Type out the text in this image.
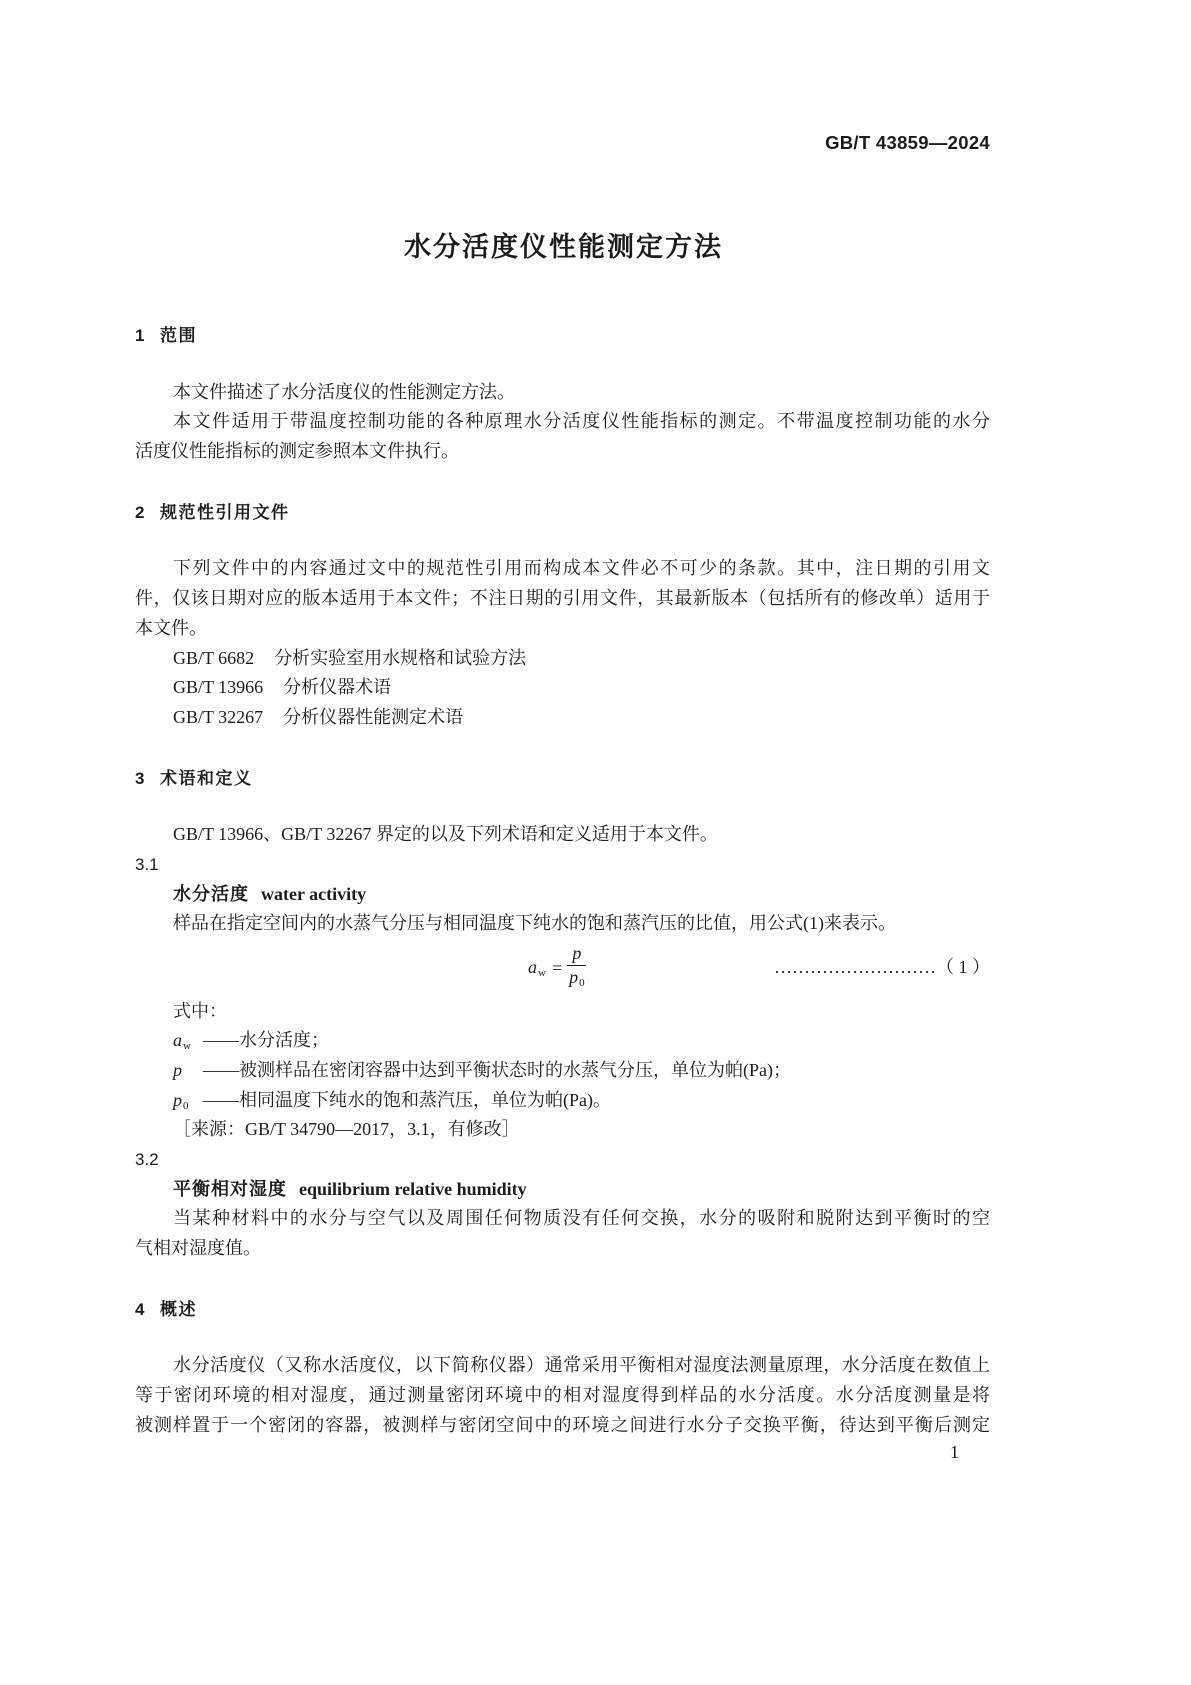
GB/T 43859—2024
水分活度仪性能测定方法
1 范围
本文件描述了水分活度仪的性能测定方法。
本文件适用于带温度控制功能的各种原理水分活度仪性能指标的测定。不带温度控制功能的水分
活度仪性能指标的测定参照本文件执行。
2 规范性引用文件
下列文件中的内容通过文中的规范性引用而构成本文件必不可少的条款。其中，注日期的引用文
件，仅该日期对应的版本适用于本文件；不注日期的引用文件，其最新版本（包括所有的修改单）适用于
本文件。
GB/T 6682 分析实验室用水规格和试验方法
GB/T 13966 分析仪器术语
GB/T 32267 分析仪器性能测定术语
3 术语和定义
GB/T 13966、GB/T 32267 界定的以及下列术语和定义适用于本文件。
3.1
水分活度 water activity
样品在指定空间内的水蒸气分压与相同温度下纯水的饱和蒸汽压的比值，用公式(1)来表示。
aw = $\frac{p}{p0}$	………………………（ 1 ）
式中：
aw ——水分活度；
p ——被测样品在密闭容器中达到平衡状态时的水蒸气分压，单位为帕(Pa)；
p0 ——相同温度下纯水的饱和蒸汽压，单位为帕(Pa)。
［来源：GB/T 34790—2017，3.1，有修改］
3.2
平衡相对湿度 equilibrium relative humidity
当某种材料中的水分与空气以及周围任何物质没有任何交换，水分的吸附和脱附达到平衡时的空
气相对湿度值。
4 概述
水分活度仪（又称水活度仪，以下简称仪器）通常采用平衡相对湿度法测量原理，水分活度在数值上
等于密闭环境的相对湿度，通过测量密闭环境中的相对湿度得到样品的水分活度。水分活度测量是将
被测样置于一个密闭的容器，被测样与密闭空间中的环境之间进行水分子交换平衡，待达到平衡后测定
1
